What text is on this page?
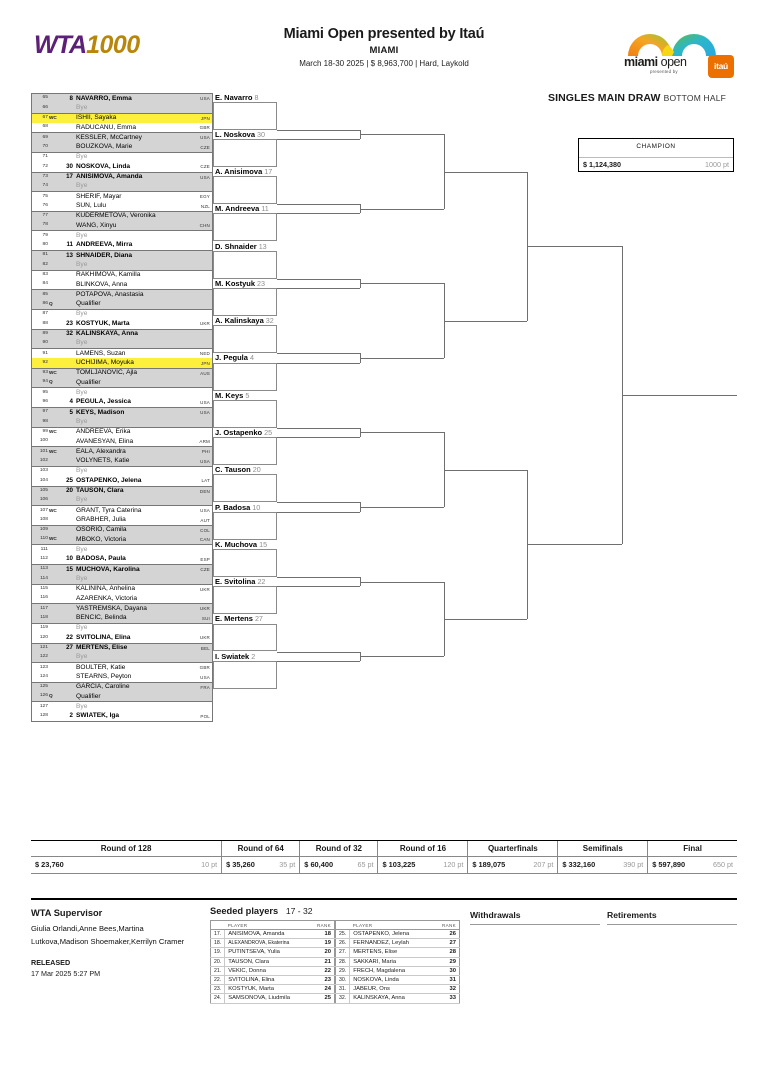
WTA1000	Miami Open presented by Itaú
MIAMI
March 18-30 2025 | $ 8,963,700 | Hard, Laykold	miami open
presented by
itaú
SINGLES MAIN DRAW BOTTOM HALF
CHAMPION
$ 1,124,380	1000 pt
65	8 NAVARRO, Emma	USA
66	Bye
67 WC	ISHII, Sayaka	JPN
68	RADUCANU, Emma	GBR
69	KESSLER, McCartney	USA
70	BOUZKOVA, Marie	CZE
71	Bye
72	30 NOSKOVA, Linda	CZE
73	17 ANISIMOVA, Amanda	USA
74	Bye
75	SHERIF, Mayar	EGY
76	SUN, Lulu	NZL
77	KUDERMETOVA, Veronika
78	WANG, Xinyu	CHN
79	Bye
80	11 ANDREEVA, Mirra
81	13 SHNAIDER, Diana
82	Bye
83	RAKHIMOVA, Kamilla
84	BLINKOVA, Anna
85	POTAPOVA, Anastasia
86 Q	Qualifier
87	Bye
88	23 KOSTYUK, Marta	UKR
89	32 KALINSKAYA, Anna
90	Bye
91	LAMENS, Suzan	NED
92	UCHIJIMA, Moyuka	JPN
93 WC	TOMLJANOVIC, Ajla	AUS
94 Q	Qualifier
95	Bye
96	4 PEGULA, Jessica	USA
97	5 KEYS, Madison	USA
98	Bye
99 WC	ANDREEVA, Erika
100	AVANESYAN, Elina	ARM
101 WC	EALA, Alexandra	PHI
102	VOLYNETS, Katie	USA
103	Bye
104	25 OSTAPENKO, Jelena	LAT
105	20 TAUSON, Clara	DEN
106	Bye
107 WC	GRANT, Tyra Caterina	USA
108	GRABHER, Julia	AUT
109	OSORIO, Camila	COL
110 WC	MBOKO, Victoria	CAN
111	Bye
112	10 BADOSA, Paula	ESP
113	15 MUCHOVA, Karolina	CZE
114	Bye
115	KALININA, Anhelina	UKR
116	AZARENKA, Victoria
117	YASTREMSKA, Dayana	UKR
118	BENCIC, Belinda	SUI
119	Bye
120	22 SVITOLINA, Elina	UKR
121	27 MERTENS, Elise	BEL
122	Bye
123	BOULTER, Katie	GBR
124	STEARNS, Peyton	USA
125	GARCIA, Caroline	FRA
126 Q	Qualifier
127	Bye
128	2 SWIATEK, Iga	POL
E. Navarro 8
L. Noskova 30
A. Anisimova 17
M. Andreeva 11
D. Shnaider 13
M. Kostyuk 23
A. Kalinskaya 32
J. Pegula 4
M. Keys 5
J. Ostapenko 25
C. Tauson 20
P. Badosa 10
K. Muchova 15
E. Svitolina 22
E. Mertens 27
I. Swiatek 2
Round of 128	Round of 64	Round of 32	Round of 16	Quarterfinals	Semifinals	Final

$ 23,760 10 pt	$ 35,260 35 pt	$ 60,400 65 pt	$ 103,225 120 pt	$ 189,075 207 pt	$ 332,160 390 pt	$ 597,890 650 pt
WTA Supervisor
Giulia Orlandi,Anne Bees,Martina
Lutkova,Madison Shoemaker,Kerrilyn Cramer
RELEASED
17 Mar 2025 5:27 PM
Seeded players 17 - 32
	PLAYER	RANK
17.	ANISIMOVA, Amanda	18
18.	ALEXANDROVA, Ekaterina	19
19.	PUTINTSEVA, Yulia	20
20.	TAUSON, Clara	21
21.	VEKIC, Donna	22
22.	SVITOLINA, Elina	23
23.	KOSTYUK, Marta	24
24.	SAMSONOVA, Liudmila	25
	PLAYER	RANK
25.	OSTAPENKO, Jelena	26
26.	FERNANDEZ, Leylah	27
27.	MERTENS, Elise	28
28.	SAKKARI, Maria	29
29.	FRECH, Magdalena	30
30.	NOSKOVA, Linda	31
31.	JABEUR, Ons	32
32.	KALINSKAYA, Anna	33
Withdrawals	Retirements
